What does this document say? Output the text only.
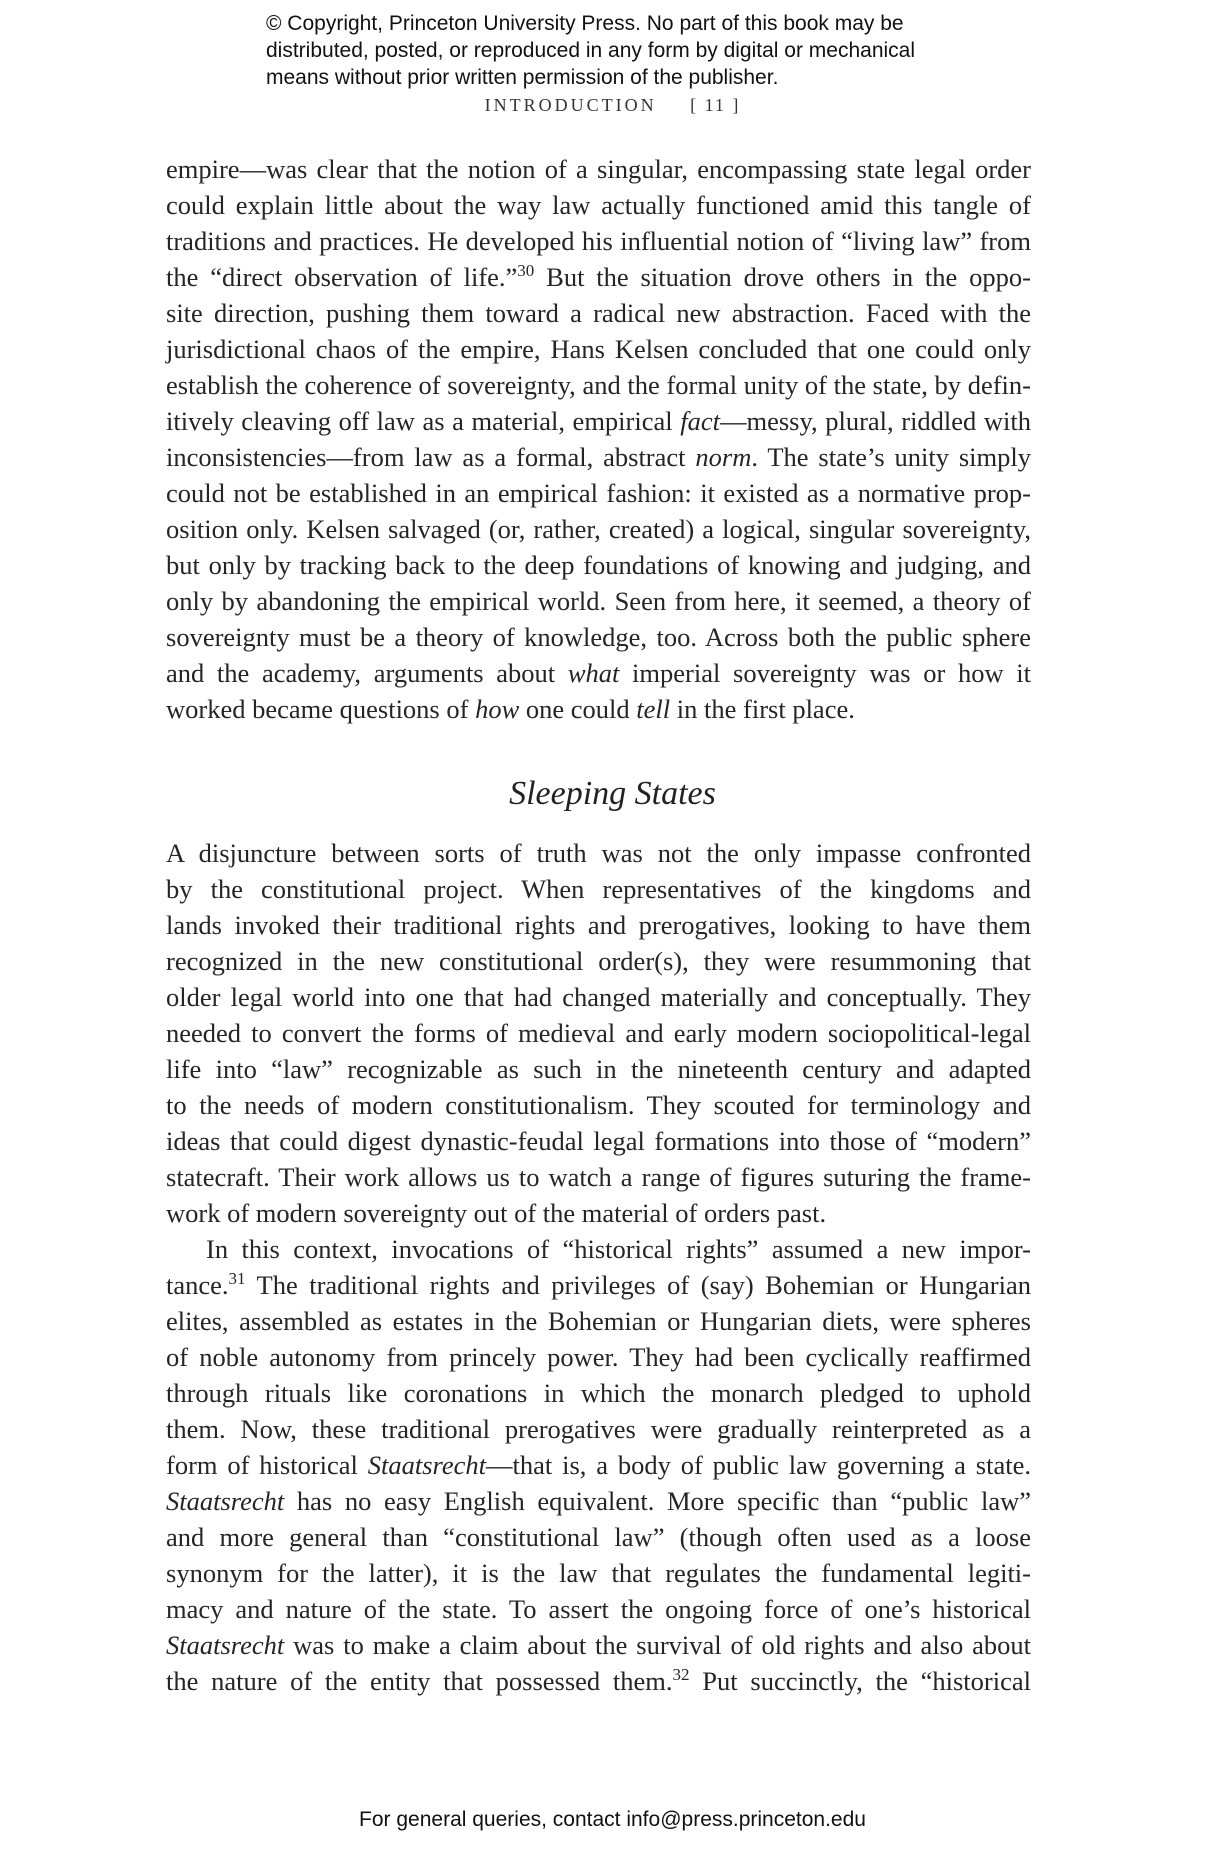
© Copyright, Princeton University Press. No part of this book may be

distributed, posted, or reproduced in any form by digital or mechanical

means without prior written permission of the publisher.

INTRODUCTION [ 11 ]
empire—was clear that the notion of a singular, encompassing state legal order
could explain little about the way law actually functioned amid this tangle of
traditions and practices. He developed his influential notion of “living law” from
the “direct observation of life.”$^{30}$ But the situation drove others in the oppo-
site direction, pushing them toward a radical new abstraction. Faced with the
jurisdictional chaos of the empire, Hans Kelsen concluded that one could only
establish the coherence of sovereignty, and the formal unity of the state, by defin-
itively cleaving off law as a material, empirical fact—messy, plural, riddled with
inconsistencies—from law as a formal, abstract norm. The state’s unity simply
could not be established in an empirical fashion: it existed as a normative prop-
osition only. Kelsen salvaged (or, rather, created) a logical, singular sovereignty,
but only by tracking back to the deep foundations of knowing and judging, and
only by abandoning the empirical world. Seen from here, it seemed, a theory of
sovereignty must be a theory of knowledge, too. Across both the public sphere
and the academy, arguments about what imperial sovereignty was or how it
worked became questions of how one could tell in the first place.
Sleeping States
A disjuncture between sorts of truth was not the only impasse confronted
by the constitutional project. When representatives of the kingdoms and
lands invoked their traditional rights and prerogatives, looking to have them
recognized in the new constitutional order(s), they were resummoning that
older legal world into one that had changed materially and conceptually. They
needed to convert the forms of medieval and early modern sociopolitical-legal
life into “law” recognizable as such in the nineteenth century and adapted
to the needs of modern constitutionalism. They scouted for terminology and
ideas that could digest dynastic-feudal legal formations into those of “modern”
statecraft. Their work allows us to watch a range of figures suturing the frame-
work of modern sovereignty out of the material of orders past.
In this context, invocations of “historical rights” assumed a new impor-
tance.$^{31}$ The traditional rights and privileges of (say) Bohemian or Hungarian
elites, assembled as estates in the Bohemian or Hungarian diets, were spheres
of noble autonomy from princely power. They had been cyclically reaffirmed
through rituals like coronations in which the monarch pledged to uphold
them. Now, these traditional prerogatives were gradually reinterpreted as a
form of historical Staatsrecht—that is, a body of public law governing a state.
Staatsrecht has no easy English equivalent. More specific than “public law”
and more general than “constitutional law” (though often used as a loose
synonym for the latter), it is the law that regulates the fundamental legiti-
macy and nature of the state. To assert the ongoing force of one’s historical
Staatsrecht was to make a claim about the survival of old rights and also about
the nature of the entity that possessed them.$^{32}$ Put succinctly, the “historical
For general queries, contact info@press.princeton.edu
